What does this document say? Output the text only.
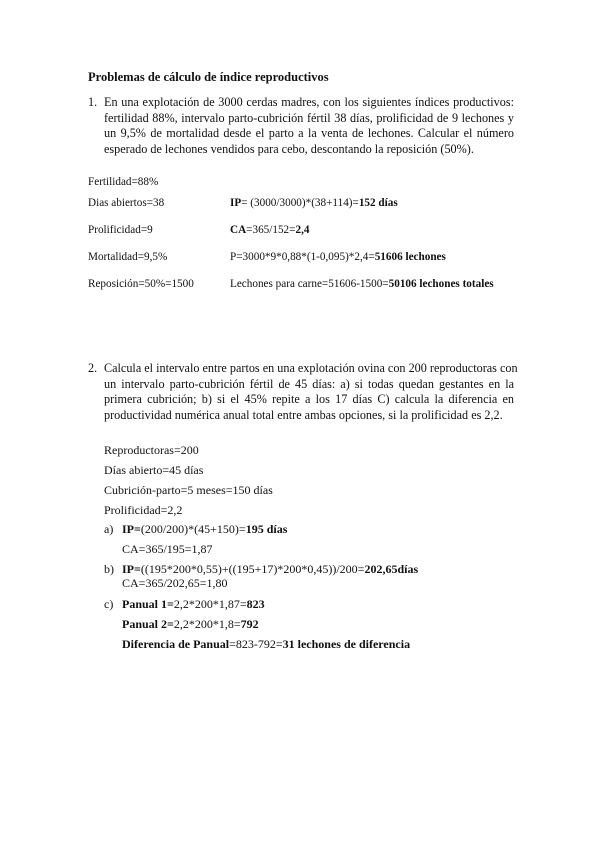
Problemas de cálculo de índice reproductivos
1. En una explotación de 3000 cerdas madres, con los siguientes índices productivos:
fertilidad 88%, intervalo parto-cubrición fértil 38 días, prolificidad de 9 lechones y
un 9,5% de mortalidad desde el parto a la venta de lechones. Calcular el número
esperado de lechones vendidos para cebo, descontando la reposición (50%).
Fertilidad=88%
Dias abiertos=38
Prolificidad=9
Mortalidad=9,5%
Reposición=50%=1500
IP= (3000/3000)*(38+114)=152 días
CA=365/152=2,4
P=3000*9*0,88*(1-0,095)*2,4=51606 lechones
Lechones para carne=51606-1500=50106 lechones totales
2. Calcula el intervalo entre partos en una explotación ovina con 200 reproductoras con
un intervalo parto-cubrición fértil de 45 días: a) si todas quedan gestantes en la
primera cubrición; b) si el 45% repite a los 17 días C) calcula la diferencia en
productividad numérica anual total entre ambas opciones, si la prolificidad es 2,2.
Reproductoras=200
Días abierto=45 días
Cubrición-parto=5 meses=150 días
Prolificidad=2,2
a) IP=(200/200)*(45+150)=195 días
CA=365/195=1,87
b) IP=((195*200*0,55)+((195+17)*200*0,45))/200=202,65días
CA=365/202,65=1,80
c) Panual 1=2,2*200*1,87=823
Panual 2=2,2*200*1,8=792
Diferencia de Panual=823-792=31 lechones de diferencia
